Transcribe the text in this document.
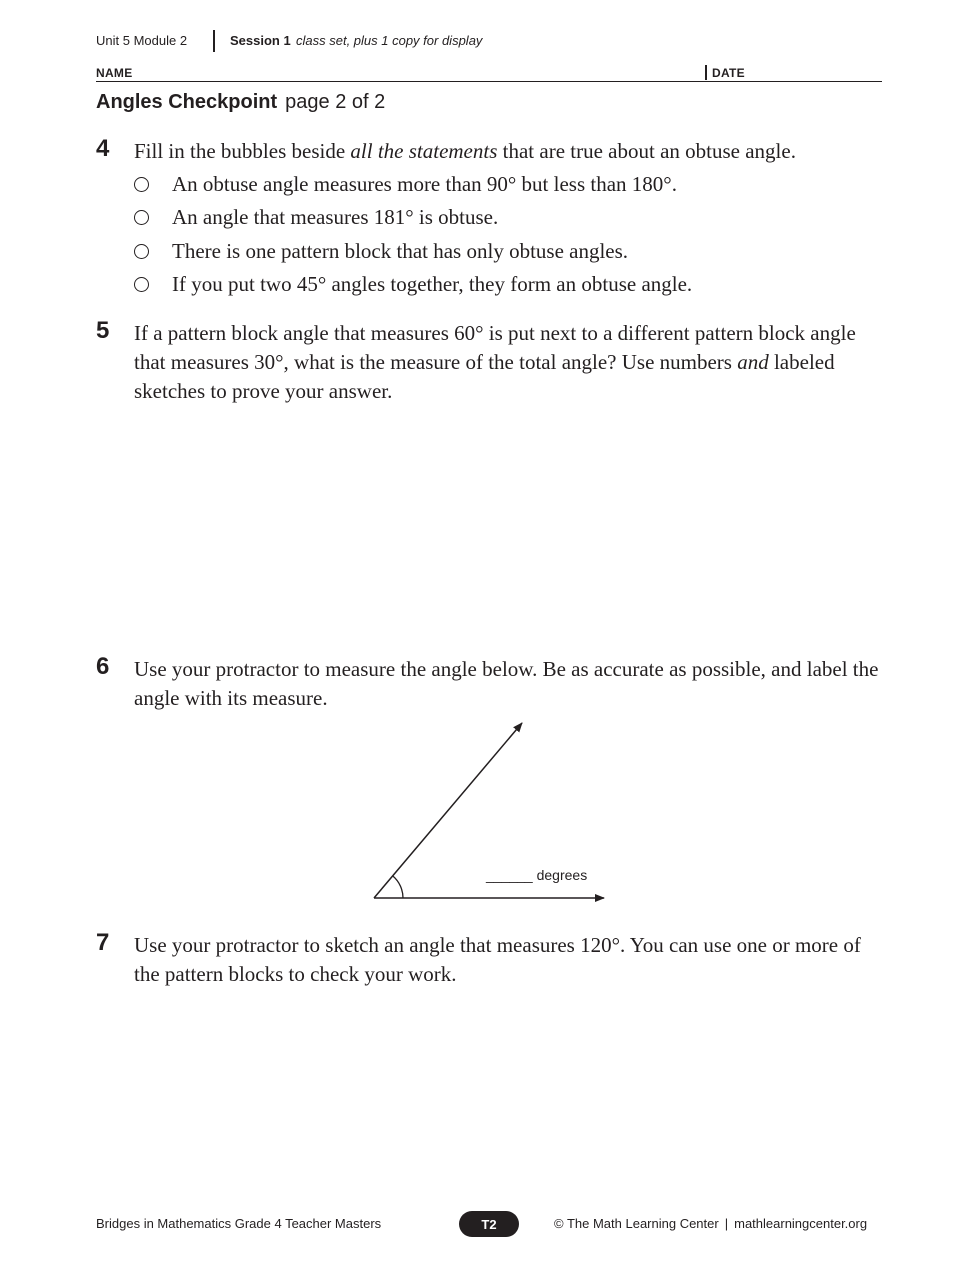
Unit 5 Module 2	Session 1 class set, plus 1 copy for display
NAME	DATE
Angles Checkpoint page 2 of 2
4 Fill in the bubbles beside all the statements that are true about an obtuse angle.
An obtuse angle measures more than 90° but less than 180°.
An angle that measures 181° is obtuse.
There is one pattern block that has only obtuse angles.
If you put two 45° angles together, they form an obtuse angle.
5 If a pattern block angle that measures 60° is put next to a different pattern block angle that measures 30°, what is the measure of the total angle? Use numbers and labeled sketches to prove your answer.
6 Use your protractor to measure the angle below. Be as accurate as possible, and label the angle with its measure.
______ degrees
7 Use your protractor to sketch an angle that measures 120°. You can use one or more of the pattern blocks to check your work.
Bridges in Mathematics Grade 4 Teacher Masters	T2	© The Math Learning Center | mathlearningcenter.org
